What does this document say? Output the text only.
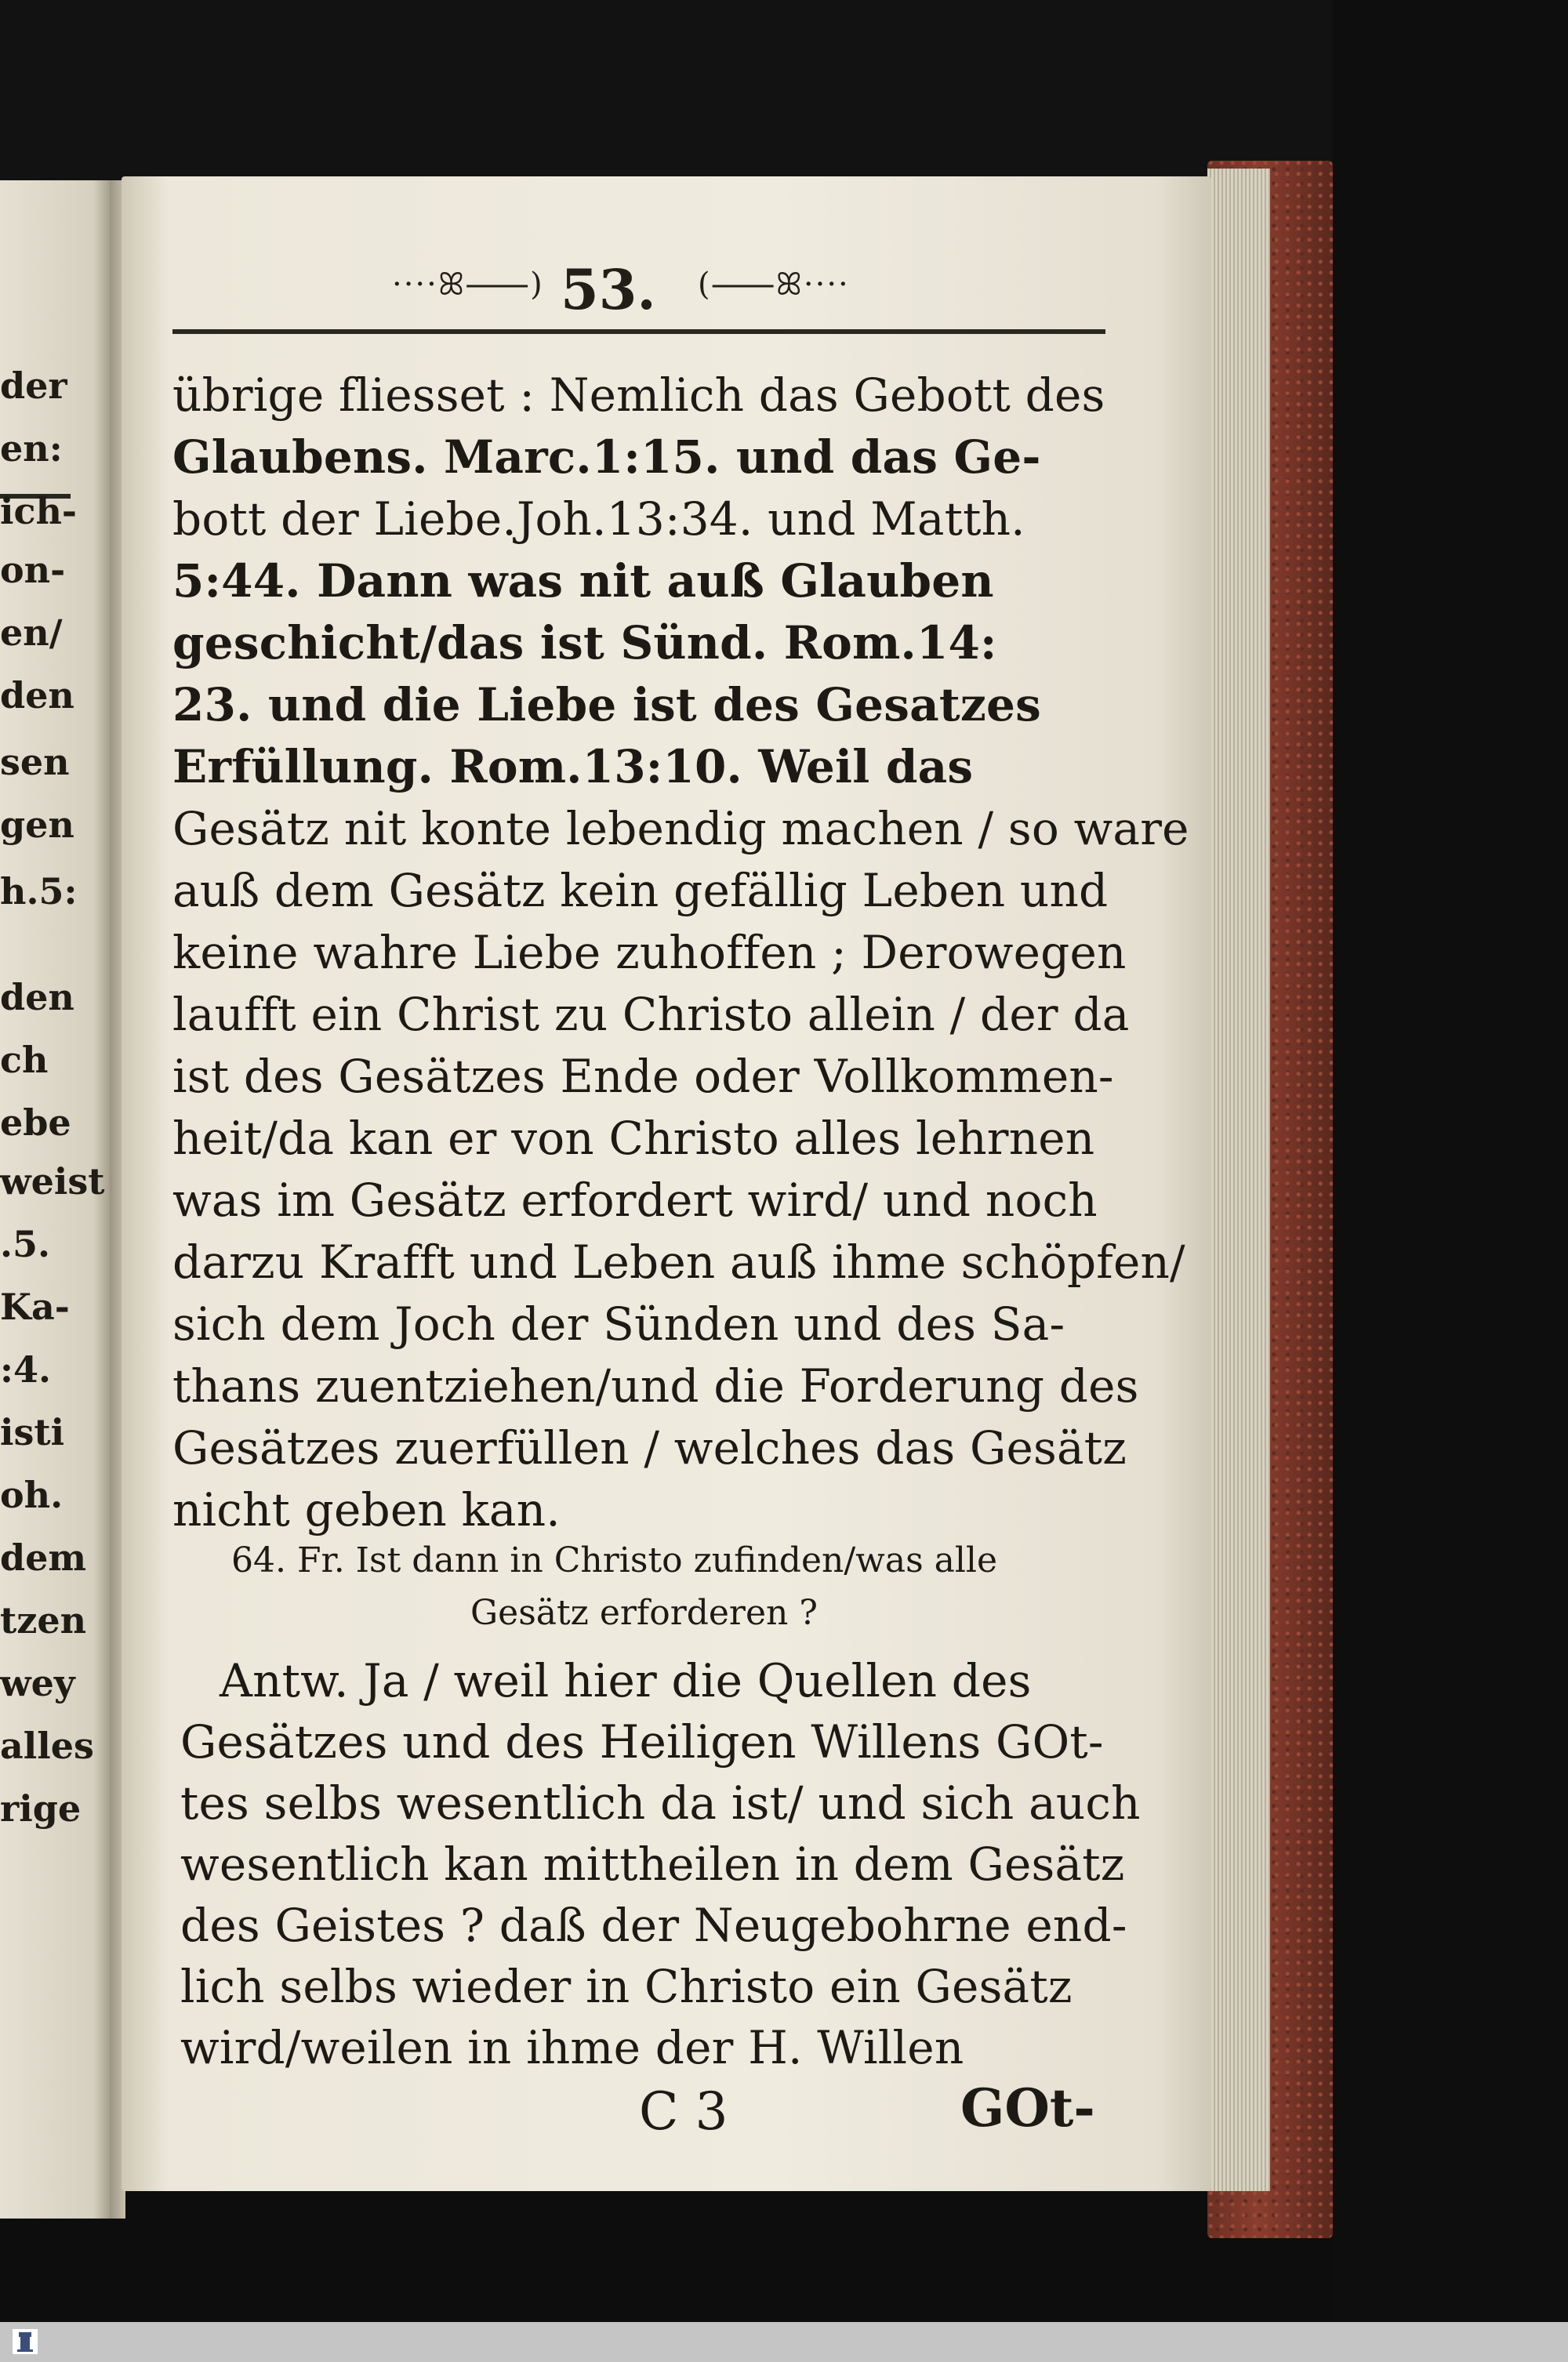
der
en:
ich-
on-
en/
den
sen
gen
h.5:
den
ch
ebe
weist
.5.
Ka-
:4.
isti
oh.
dem
tzen
wey
alles
rige
····ꕤ⸺) 53. (⸺ꕤ····
übrige fliesset : Nemlich das Gebott des
Glaubens. Marc.1:15. und das Ge-
bott der Liebe.Joh.13:34. und Matth.
5:44. Dann was nit auß Glauben
geschicht/das ist Sünd. Rom.14:
23. und die Liebe ist des Gesatzes
Erfüllung. Rom.13:10. Weil das
Gesätz nit konte lebendig machen / so ware
auß dem Gesätz kein gefällig Leben und
keine wahre Liebe zuhoffen ; Derowegen
laufft ein Christ zu Christo allein / der da
ist des Gesätzes Ende oder Vollkommen-
heit/da kan er von Christo alles lehrnen
was im Gesätz erfordert wird/ und noch
darzu Krafft und Leben auß ihme schöpfen/
sich dem Joch der Sünden und des Sa-
thans zuentziehen/und die Forderung des
Gesätzes zuerfüllen / welches das Gesätz
nicht geben kan.
64. Fr. Ist dann in Christo zufinden/was alle
Gesätz erforderen ?
Antw. Ja / weil hier die Quellen des
Gesätzes und des Heiligen Willens GOt-
tes selbs wesentlich da ist/ und sich auch
wesentlich kan mittheilen in dem Gesätz
des Geistes ? daß der Neugebohrne end-
lich selbs wieder in Christo ein Gesätz
wird/weilen in ihme der H. Willen
C 3	GOt-
